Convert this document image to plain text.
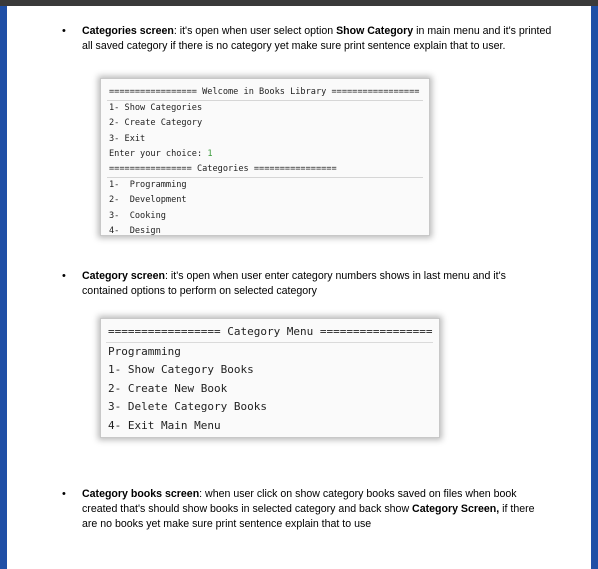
• Categories screen: it's open when user select option Show Category in main menu and it's printed all saved category if there is no category yet make sure print sentence explain that to user.
================= Welcome in Books Library =================
1- Show Categories
2- Create Category
3- Exit
Enter your choice: 1
================ Categories ================
1-  Programming
2-  Development
3-  Cooking
4-  Design
• Category screen: it's open when user enter category numbers shows in last menu and it's contained options to perform on selected category
================= Category Menu =================
Programming
1- Show Category Books
2- Create New Book
3- Delete Category Books
4- Exit Main Menu
• Category books screen: when user click on show category books saved on files when book created that's should show books in selected category and back show Category Screen, if there are no books yet make sure print sentence explain that to use
